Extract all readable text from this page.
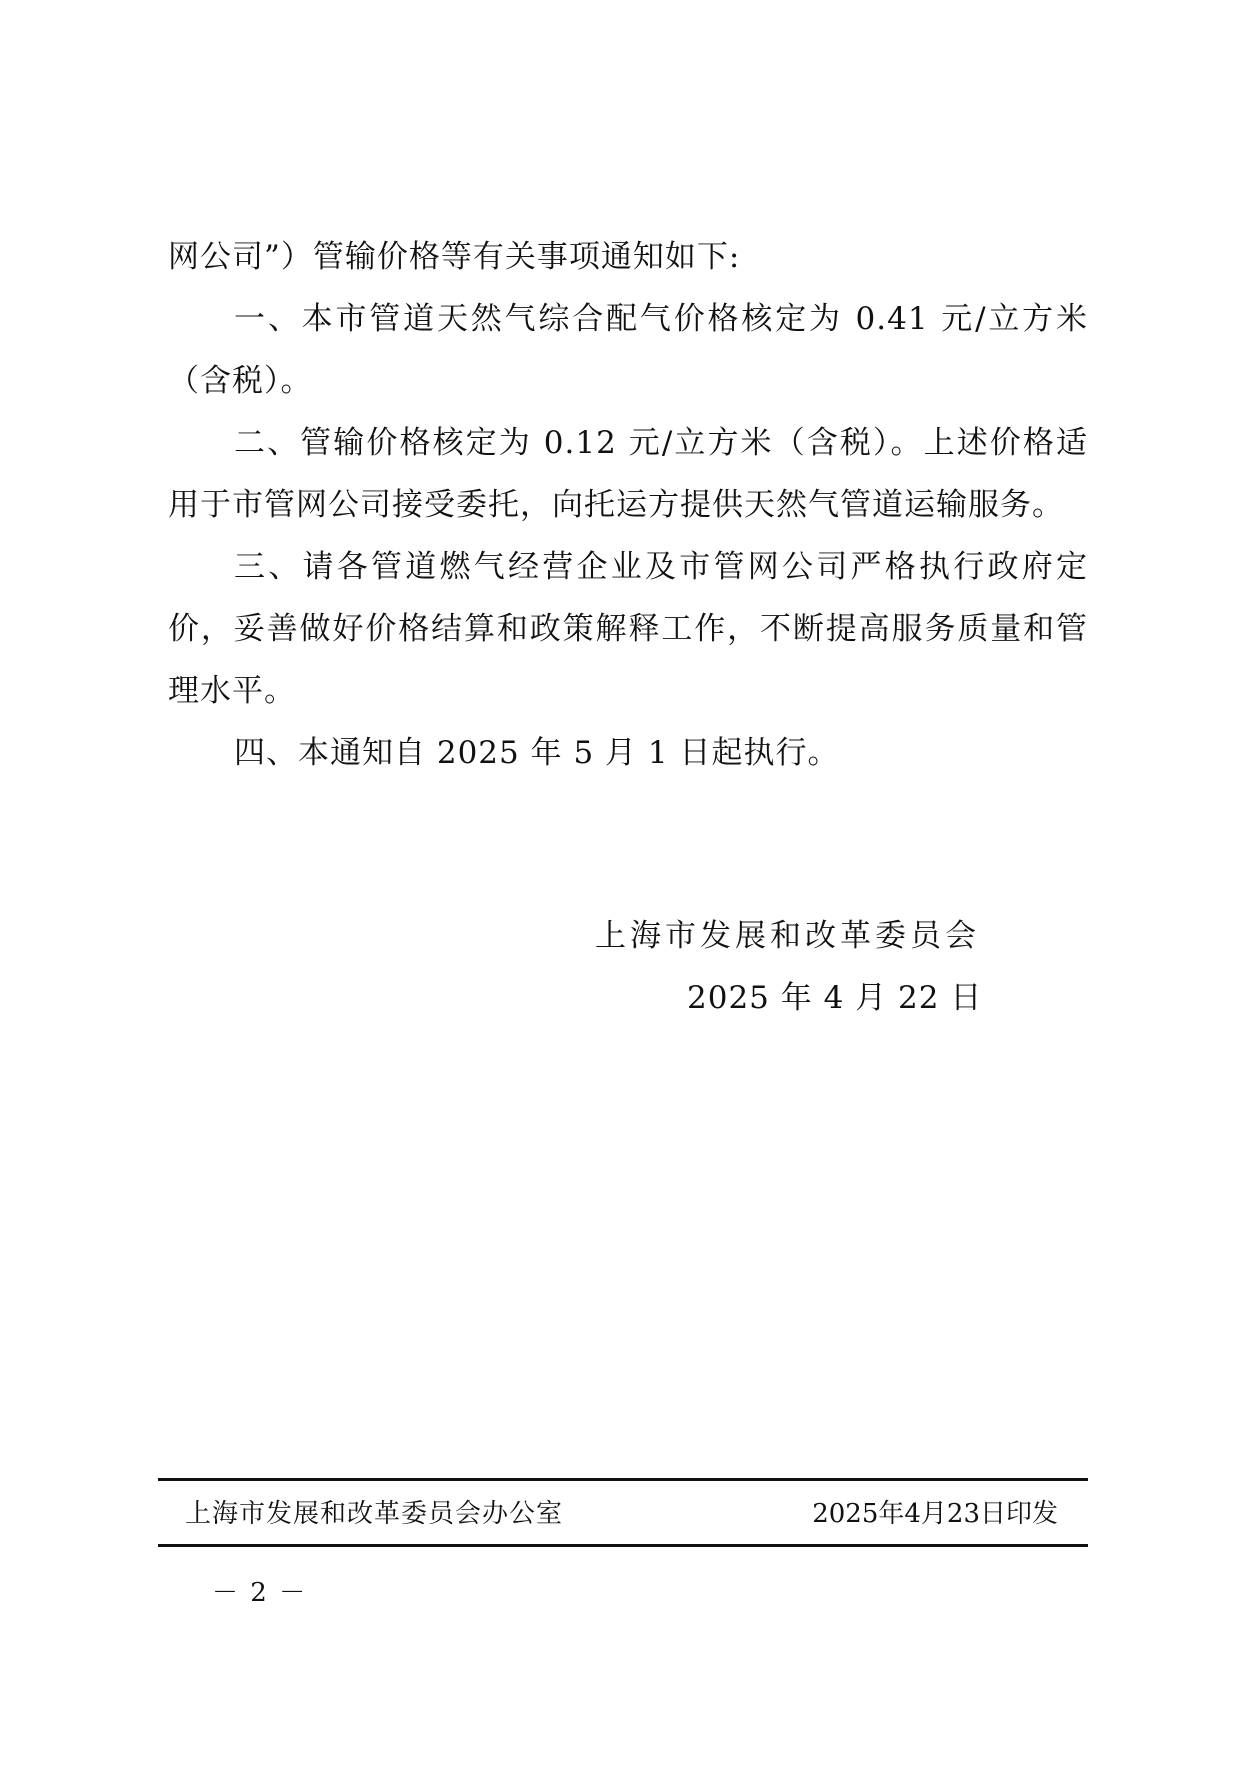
网公司”）管输价格等有关事项通知如下:

一、本市管道天然气综合配气价格核定为 0.41 元/立方米（含税）。

二、管输价格核定为 0.12 元/立方米（含税）。上述价格适用于市管网公司接受委托，向托运方提供天然气管道运输服务。

三、请各管道燃气经营企业及市管网公司严格执行政府定价，妥善做好价格结算和政策解释工作，不断提高服务质量和管理水平。

四、本通知自 2025 年 5 月 1 日起执行。

上海市发展和改革委员会
2025 年 4 月 22 日
上海市发展和改革委员会办公室	2025年4月23日印发
－ 2 －
